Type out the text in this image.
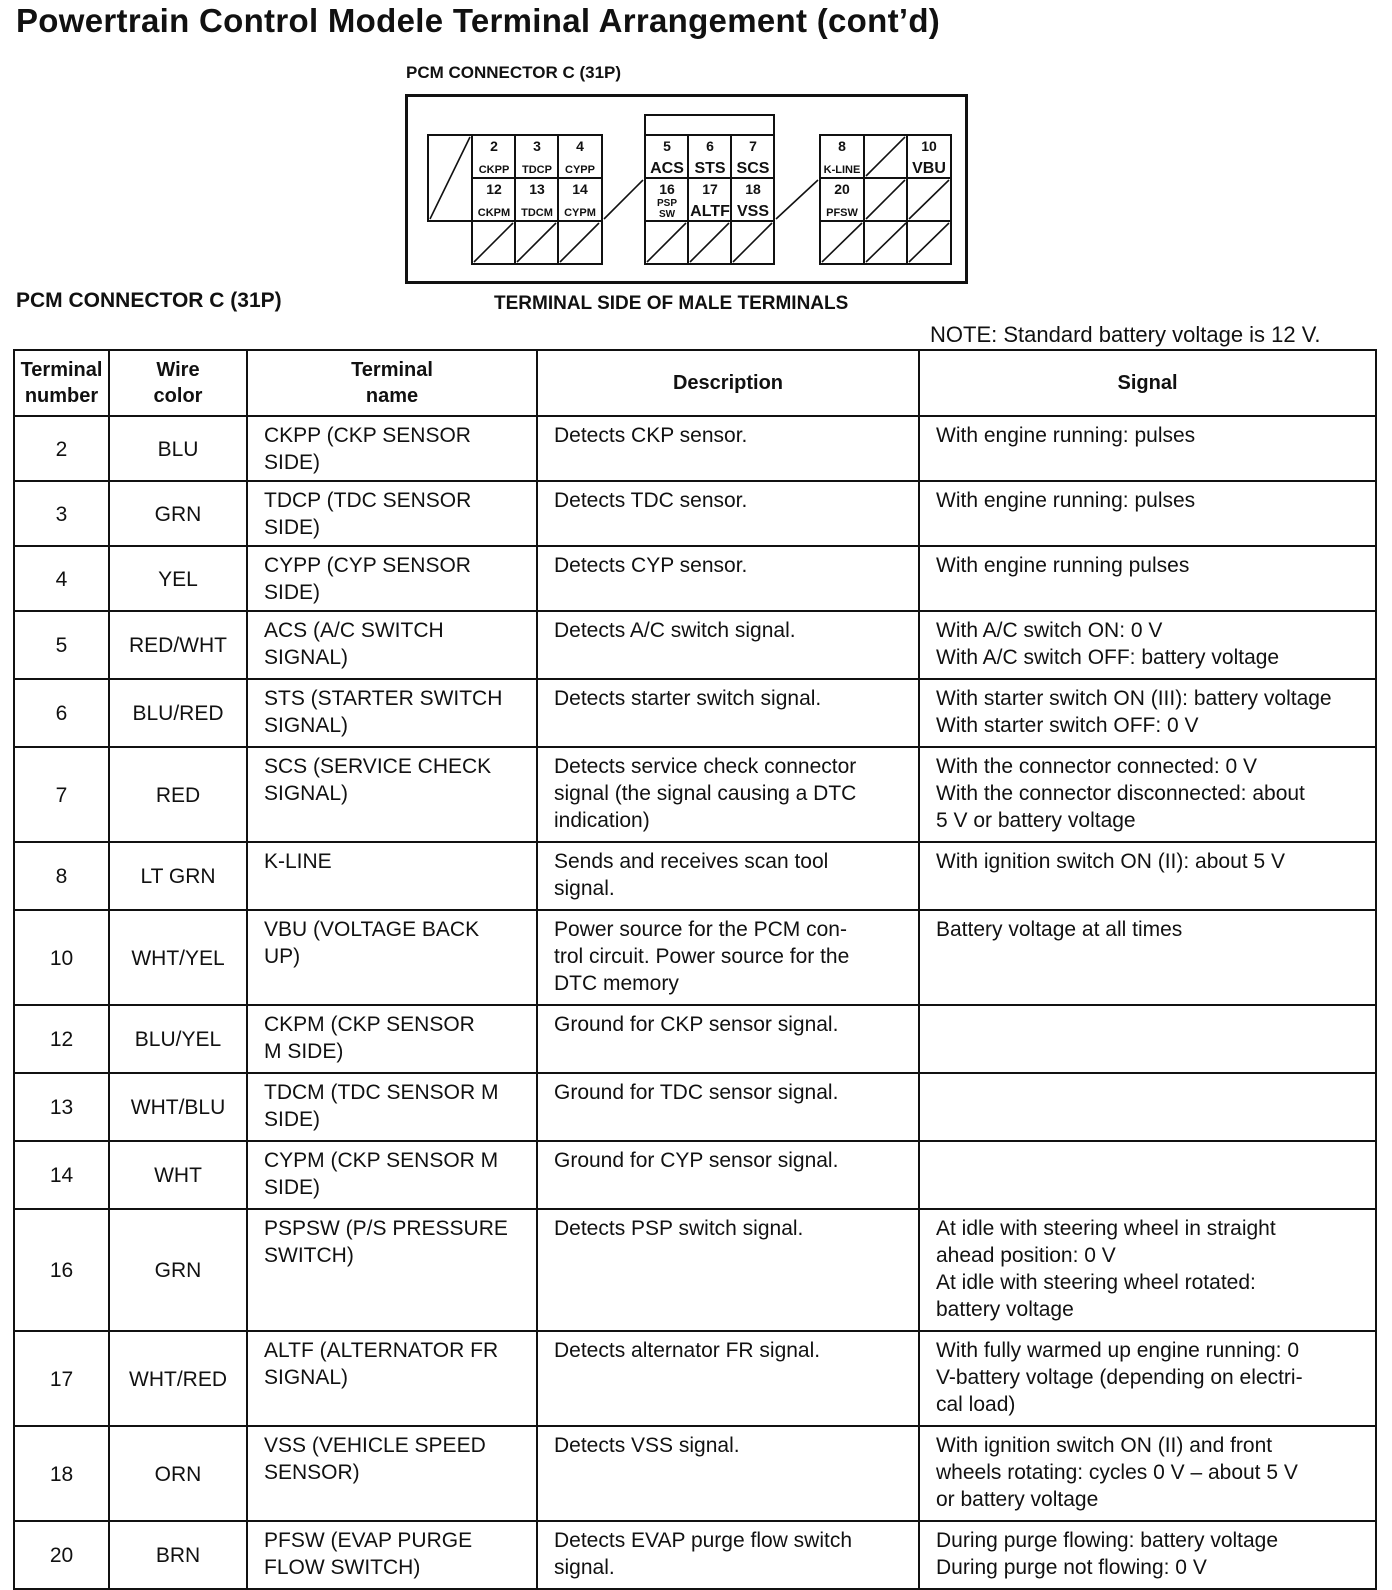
Powertrain Control Modele Terminal Arrangement (cont’d)
PCM CONNECTOR C (31P)
2
CKPP
3
TDCP
4
CYPP
5
ACS
6
STS
7
SCS
8
K-LINE
10
VBU
12
CKPM
13
TDCM
14
CYPM
16
PSP
SW
17
ALTF
18
VSS
20
PFSW
TERMINAL SIDE OF MALE TERMINALS
PCM CONNECTOR C (31P)
NOTE: Standard battery voltage is 12 V.
Terminal
number	Wire
color	Terminal
name	Description	Signal
2	BLU	CKPP (CKP SENSOR SIDE)	Detects CKP sensor.	With engine running: pulses

3	GRN	TDCP (TDC SENSOR SIDE)	Detects TDC sensor.	With engine running: pulses

4	YEL	CYPP (CYP SENSOR SIDE)	Detects CYP sensor.	With engine running pulses

5	RED/WHT	ACS (A/C SWITCH
SIGNAL)	Detects A/C switch signal.	With A/C switch ON: 0 V
With A/C switch OFF: battery voltage

6	BLU/RED	STS (STARTER SWITCH
SIGNAL)	Detects starter switch signal.	With starter switch ON (III): battery voltage
With starter switch OFF: 0 V

7	RED	SCS (SERVICE CHECK
SIGNAL)	Detects service check connector
signal (the signal causing a DTC
indication)	With the connector connected: 0 V
With the connector disconnected: about
5 V or battery voltage

8	LT GRN	K-LINE	Sends and receives scan tool
signal.	With ignition switch ON (II): about 5 V

10	WHT/YEL	VBU (VOLTAGE BACK
UP)	Power source for the PCM con-
trol circuit. Power source for the
DTC memory	Battery voltage at all times

12	BLU/YEL	CKPM (CKP SENSOR
M SIDE)	Ground for CKP sensor signal.	

13	WHT/BLU	TDCM (TDC SENSOR M
SIDE)	Ground for TDC sensor signal.	

14	WHT	CYPM (CKP SENSOR M
SIDE)	Ground for CYP sensor signal.	

16	GRN	PSPSW (P/S PRESSURE
SWITCH)	Detects PSP switch signal.	At idle with steering wheel in straight
ahead position: 0 V
At idle with steering wheel rotated:
battery voltage

17	WHT/RED	ALTF (ALTERNATOR FR
SIGNAL)	Detects alternator FR signal.	With fully warmed up engine running: 0
V-battery voltage (depending on electri-
cal load)

18	ORN	VSS (VEHICLE SPEED
SENSOR)	Detects VSS signal.	With ignition switch ON (II) and front
wheels rotating: cycles 0 V – about 5 V
or battery voltage

20	BRN	PFSW (EVAP PURGE
FLOW SWITCH)	Detects EVAP purge flow switch
signal.	During purge flowing: battery voltage
During purge not flowing: 0 V
